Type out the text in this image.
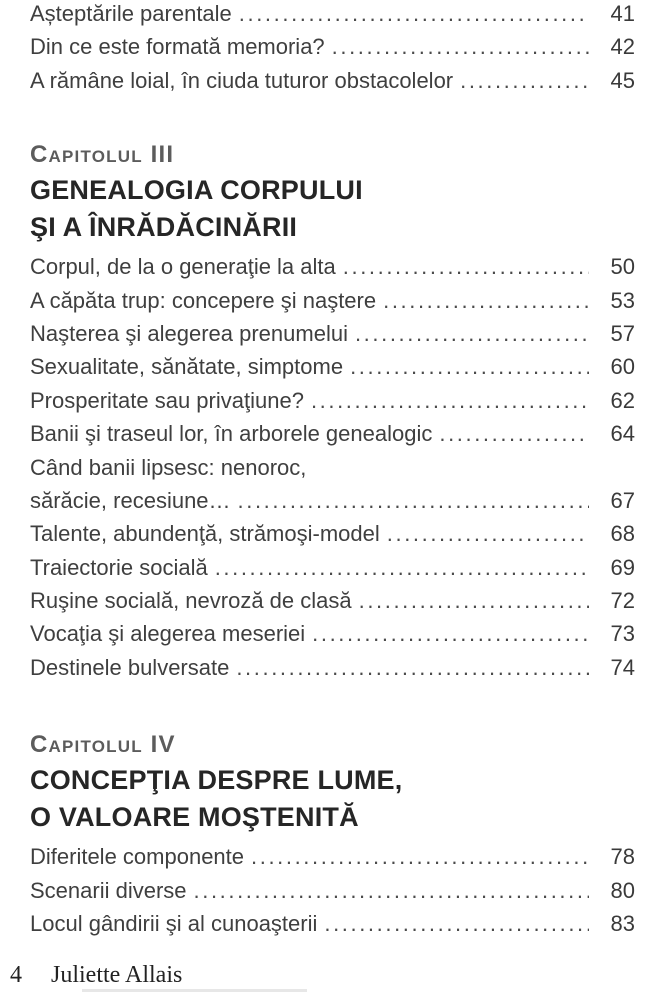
Așteptările parentale .....	41
Din ce este formată memoria? .....	42
A rămâne loial, în ciuda tuturor obstacolelor .....	45
Capitolul III
GENEALOGIA CORPULUI
ŞI A ÎNRĂDĂCINĂRII
Corpul, de la o generaţie la alta .....	50
A căpăta trup: concepere şi naştere .....	53
Naşterea şi alegerea prenumelui .....	57
Sexualitate, sănătate, simptome .....	60
Prosperitate sau privaţiune? .....	62
Banii şi traseul lor, în arborele genealogic .....	64
Când banii lipsesc: nenoroc,
sărăcie, recesiune… .....	67
Talente, abundenţă, strămoşi-model .....	68
Traiectorie socială .....	69
Ruşine socială, nevroză de clasă .....	72
Vocaţia şi alegerea meseriei .....	73
Destinele bulversate .....	74
Capitolul IV
CONCEPŢIA DESPRE LUME,
O VALOARE MOŞTENITĂ
Diferitele componente .....	78
Scenarii diverse .....	80
Locul gândirii şi al cunoaşterii .....	83
4 Juliette Allais
